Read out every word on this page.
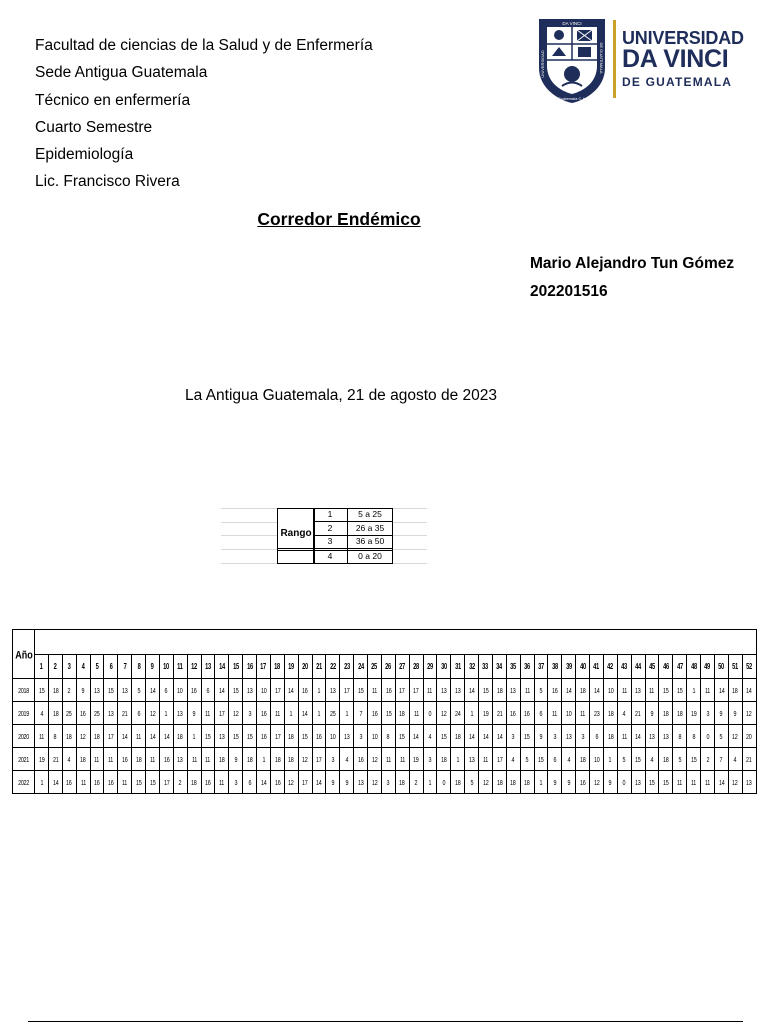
Facultad de ciencias de la Salud y de Enfermería
Sede Antigua Guatemala
Técnico en enfermería
Cuarto Semestre
Epidemiología
Lic. Francisco Rivera
DA VINCI
Guatemala C.A.
UNIVERSIDAD	DE GUATEMALA
UNIVERSIDAD
DA VINCI
DE GUATEMALA
Corredor Endémico
Mario Alejandro Tun Gómez
202201516
La Antigua Guatemala, 21 de agosto de 2023
Rango
1	5 a 25
2	26 a 35
3	36 a 50
4	0 a 20
Año																																																				
	1	2	3	4	5	6	7	8	9	10	11	12	13	14	15	16	17	18	19	20	21	22	23	24	25	26	27	28	29	30	31	32	33	34	35	36	37	38	39	40	41	42	43	44	45	46	47	48	49	50	51	52
2018	15	18	2	9	13	15	13	5	14	6	10	16	6	14	15	13	10	17	14	16	1	13	17	15	11	16	17	17	11	13	13	14	15	18	13	11	5	16	14	18	14	10	11	13	11	15	15	1	11	14	18	14
2019	4	18	25	16	25	13	21	6	12	1	13	9	11	17	12	3	16	11	1	14	1	25	1	7	16	15	18	11	0	12	24	1	19	21	16	16	6	11	10	11	23	18	4	21	9	18	18	19	3	9	9	12
2020	11	8	18	12	18	17	14	11	14	14	18	1	15	13	15	15	16	17	18	15	16	10	13	3	10	8	15	14	4	15	18	14	14	14	3	15	9	3	13	3	6	18	11	14	13	13	8	8	0	5	12	20
2021	19	21	4	18	11	11	16	18	11	16	13	11	11	18	9	18	1	18	18	12	17	3	4	16	12	11	11	19	3	18	1	13	11	17	4	5	15	6	4	18	10	1	5	15	4	18	5	15	2	7	4	21
2022	1	14	16	11	16	16	11	15	15	17	2	18	16	11	3	6	14	16	12	17	14	9	9	13	12	3	18	2	1	0	18	5	12	18	18	18	1	9	9	16	12	9	0	13	15	15	11	11	11	14	12	13
